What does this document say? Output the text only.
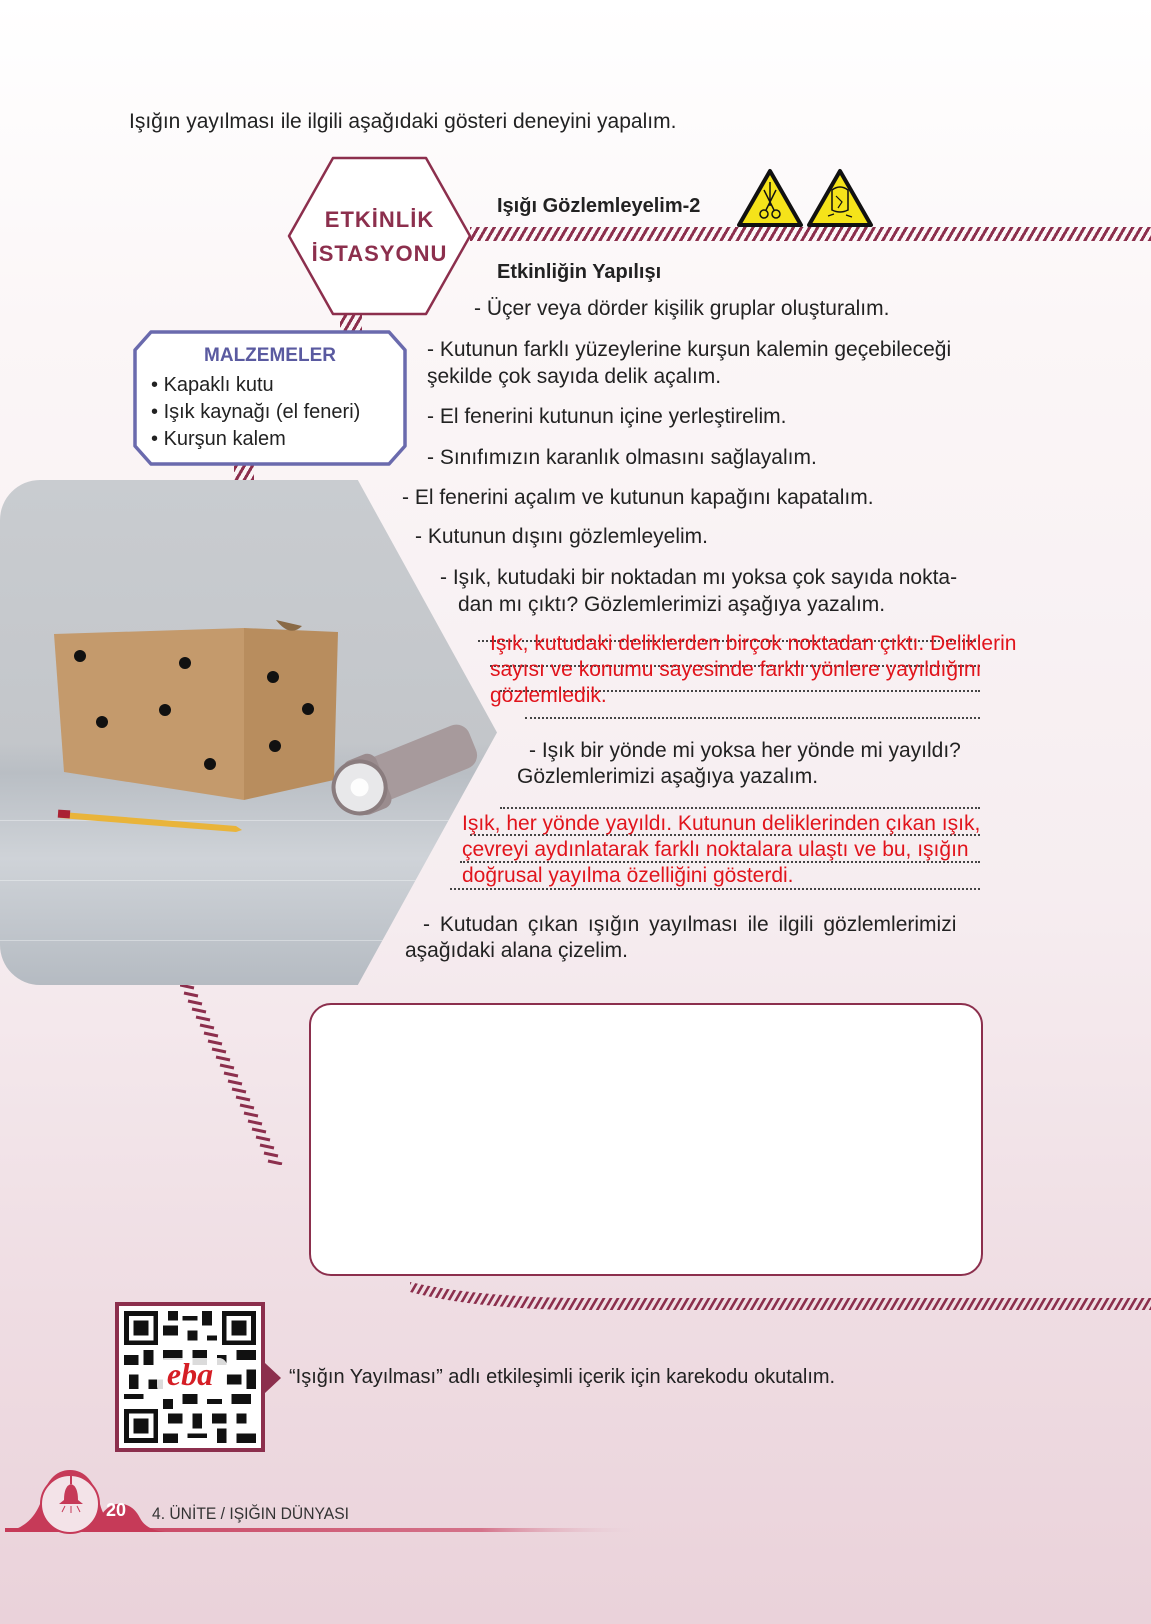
Işığın yayılması ile ilgili aşağıdaki gösteri deneyini yapalım.
ETKİNLİK
İSTASYONU
Işığı Gözlemleyelim-2
Etkinliğin Yapılışı
MALZEMELER
• Kapaklı kutu
• Işık kaynağı (el feneri)
• Kurşun kalem
- Üçer veya dörder kişilik gruplar oluşturalım.
- Kutunun farklı yüzeylerine kurşun kalemin geçebileceği
şekilde çok sayıda delik açalım.
- El fenerini kutunun içine yerleştirelim.
- Sınıfımızın karanlık olmasını sağlayalım.
- El fenerini açalım ve kutunun kapağını kapatalım.
- Kutunun dışını gözlemleyelim.
- Işık, kutudaki bir noktadan mı yoksa çok sayıda nokta-
dan mı çıktı? Gözlemlerimizi aşağıya yazalım.
Işık, kutudaki deliklerden birçok noktadan çıktı. Deliklerin
sayısı ve konumu sayesinde farklı yönlere yayıldığını
gözlemledik.
- Işık bir yönde mi yoksa her yönde mi yayıldı?
Gözlemlerimizi aşağıya yazalım.
Işık, her yönde yayıldı. Kutunun deliklerinden çıkan ışık,
çevreyi aydınlatarak farklı noktalara ulaştı ve bu, ışığın
doğrusal yayılma özelliğini gösterdi.
- Kutudan çıkan ışığın yayılması ile ilgili gözlemlerimizi
aşağıdaki alana çizelim.
eba	“Işığın Yayılması” adlı etkileşimli içerik için karekodu okutalım.
20	4. ÜNİTE / IŞIĞIN DÜNYASI
